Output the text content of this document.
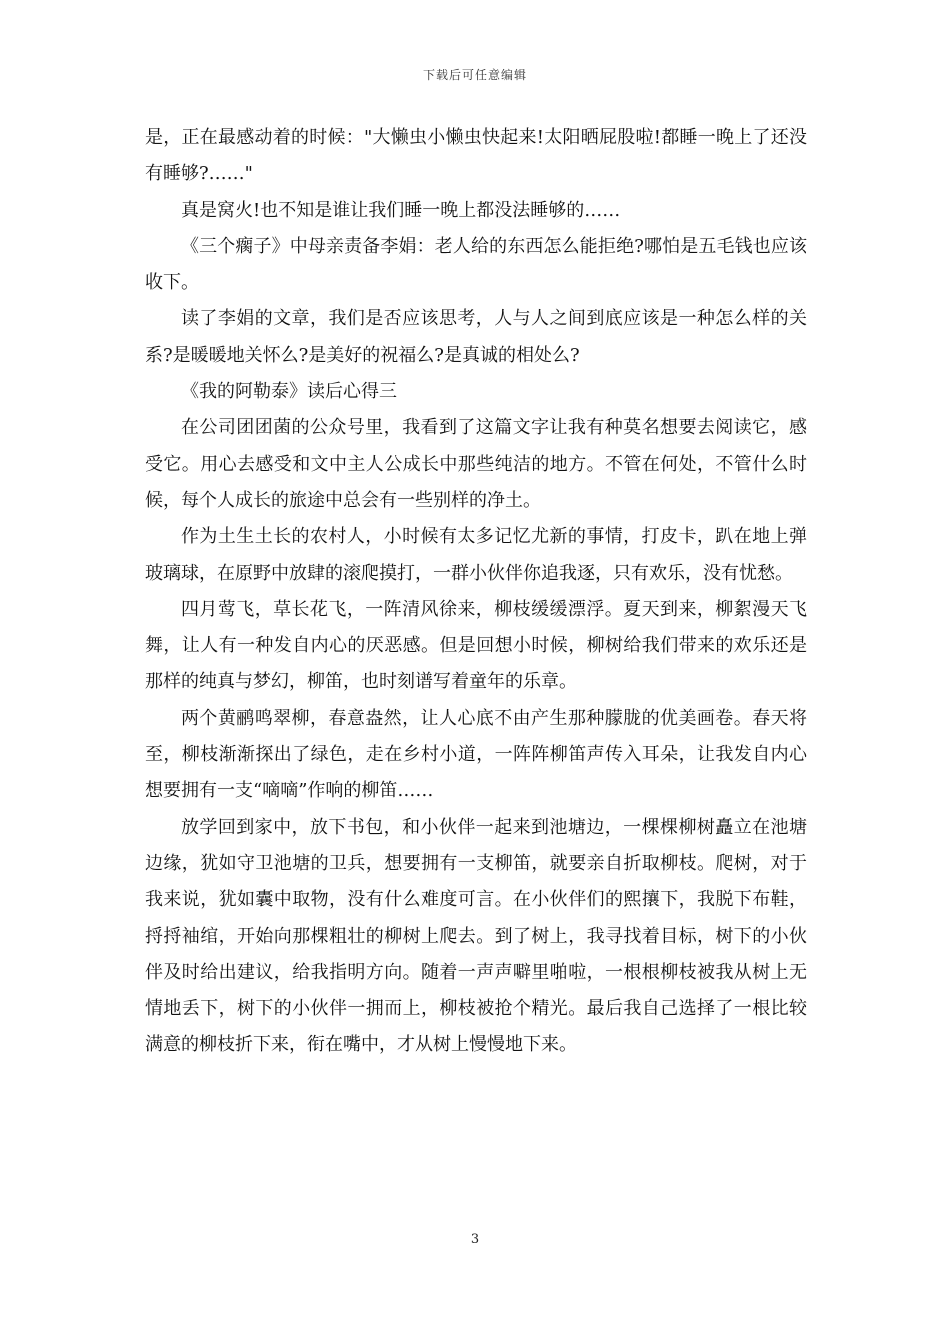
下载后可任意编辑

是，正在最感动着的时候："大懒虫小懒虫快起来!太阳晒屁股啦!都睡一晚上了还没有睡够?……"

真是窝火!也不知是谁让我们睡一晚上都没法睡够的……

《三个瘸子》中母亲责备李娟：老人给的东西怎么能拒绝?哪怕是五毛钱也应该收下。

读了李娟的文章，我们是否应该思考，人与人之间到底应该是一种怎么样的关系?是暖暖地关怀么?是美好的祝福么?是真诚的相处么?

《我的阿勒泰》读后心得三

在公司团团菌的公众号里，我看到了这篇文字让我有种莫名想要去阅读它，感受它。用心去感受和文中主人公成长中那些纯洁的地方。不管在何处，不管什么时候，每个人成长的旅途中总会有一些别样的净土。

作为土生土长的农村人，小时候有太多记忆尤新的事情，打皮卡，趴在地上弹玻璃球，在原野中放肆的滚爬摸打，一群小伙伴你追我逐，只有欢乐，没有忧愁。

四月莺飞，草长花飞，一阵清风徐来，柳枝缓缓漂浮。夏天到来，柳絮漫天飞舞，让人有一种发自内心的厌恶感。但是回想小时候，柳树给我们带来的欢乐还是那样的纯真与梦幻，柳笛，也时刻谱写着童年的乐章。

两个黄鹂鸣翠柳，春意盎然，让人心底不由产生那种朦胧的优美画卷。春天将至，柳枝渐渐探出了绿色，走在乡村小道，一阵阵柳笛声传入耳朵，让我发自内心想要拥有一支“嘀嘀”作响的柳笛……

放学回到家中，放下书包，和小伙伴一起来到池塘边，一棵棵柳树矗立在池塘边缘，犹如守卫池塘的卫兵，想要拥有一支柳笛，就要亲自折取柳枝。爬树，对于我来说，犹如囊中取物，没有什么难度可言。在小伙伴们的熙攘下，我脱下布鞋，捋捋袖绾，开始向那棵粗壮的柳树上爬去。到了树上，我寻找着目标，树下的小伙伴及时给出建议，给我指明方向。随着一声声噼里啪啦，一根根柳枝被我从树上无情地丢下，树下的小伙伴一拥而上，柳枝被抢个精光。最后我自己选择了一根比较满意的柳枝折下来，衔在嘴中，才从树上慢慢地下来。

3
